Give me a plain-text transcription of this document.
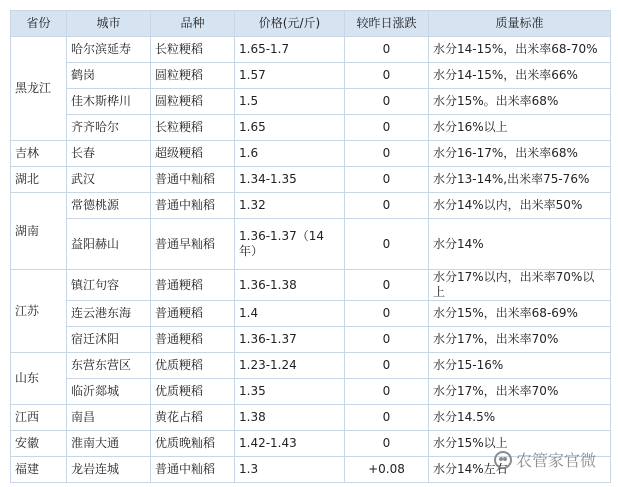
省份	城市	品种	价格(元/斤)	较昨日涨跌	质量标准
黑龙江	哈尔滨延寿	长粒粳稻	1.65-1.7	0	水分14-15%，出米率68-70%
	鹤岗	圆粒粳稻	1.57	0	水分14-15%，出米率66%
	佳木斯桦川	圆粒粳稻	1.5	0	水分15%。出米率68%
	齐齐哈尔	长粒粳稻	1.65	0	水分16%以上
吉林	长春	超级粳稻	1.6	0	水分16-17%，出米率68%
湖北	武汉	普通中籼稻	1.34-1.35	0	水分13-14%,出米率75-76%
湖南	常德桃源	普通中籼稻	1.32	0	水分14%以内，出米率50%
	益阳赫山	普通早籼稻	1.36-1.37（14年）	0	水分14%
江苏	镇江句容	普通粳稻	1.36-1.38	0	水分17%以内，出米率70%以上
	连云港东海	普通粳稻	1.4	0	水分15%，出米率68-69%
	宿迁沭阳	普通粳稻	1.36-1.37	0	水分17%，出米率70%
山东	东营东营区	优质粳稻	1.23-1.24	0	水分15-16%
	临沂郯城	优质粳稻	1.35	0	水分17%，出米率70%
江西	南昌	黄花占稻	1.38	0	水分14.5%
安徽	淮南大通	优质晚籼稻	1.42-1.43	0	水分15%以上
福建	龙岩连城	普通中籼稻	1.3	+0.08	水分14%左右 农管家官微
